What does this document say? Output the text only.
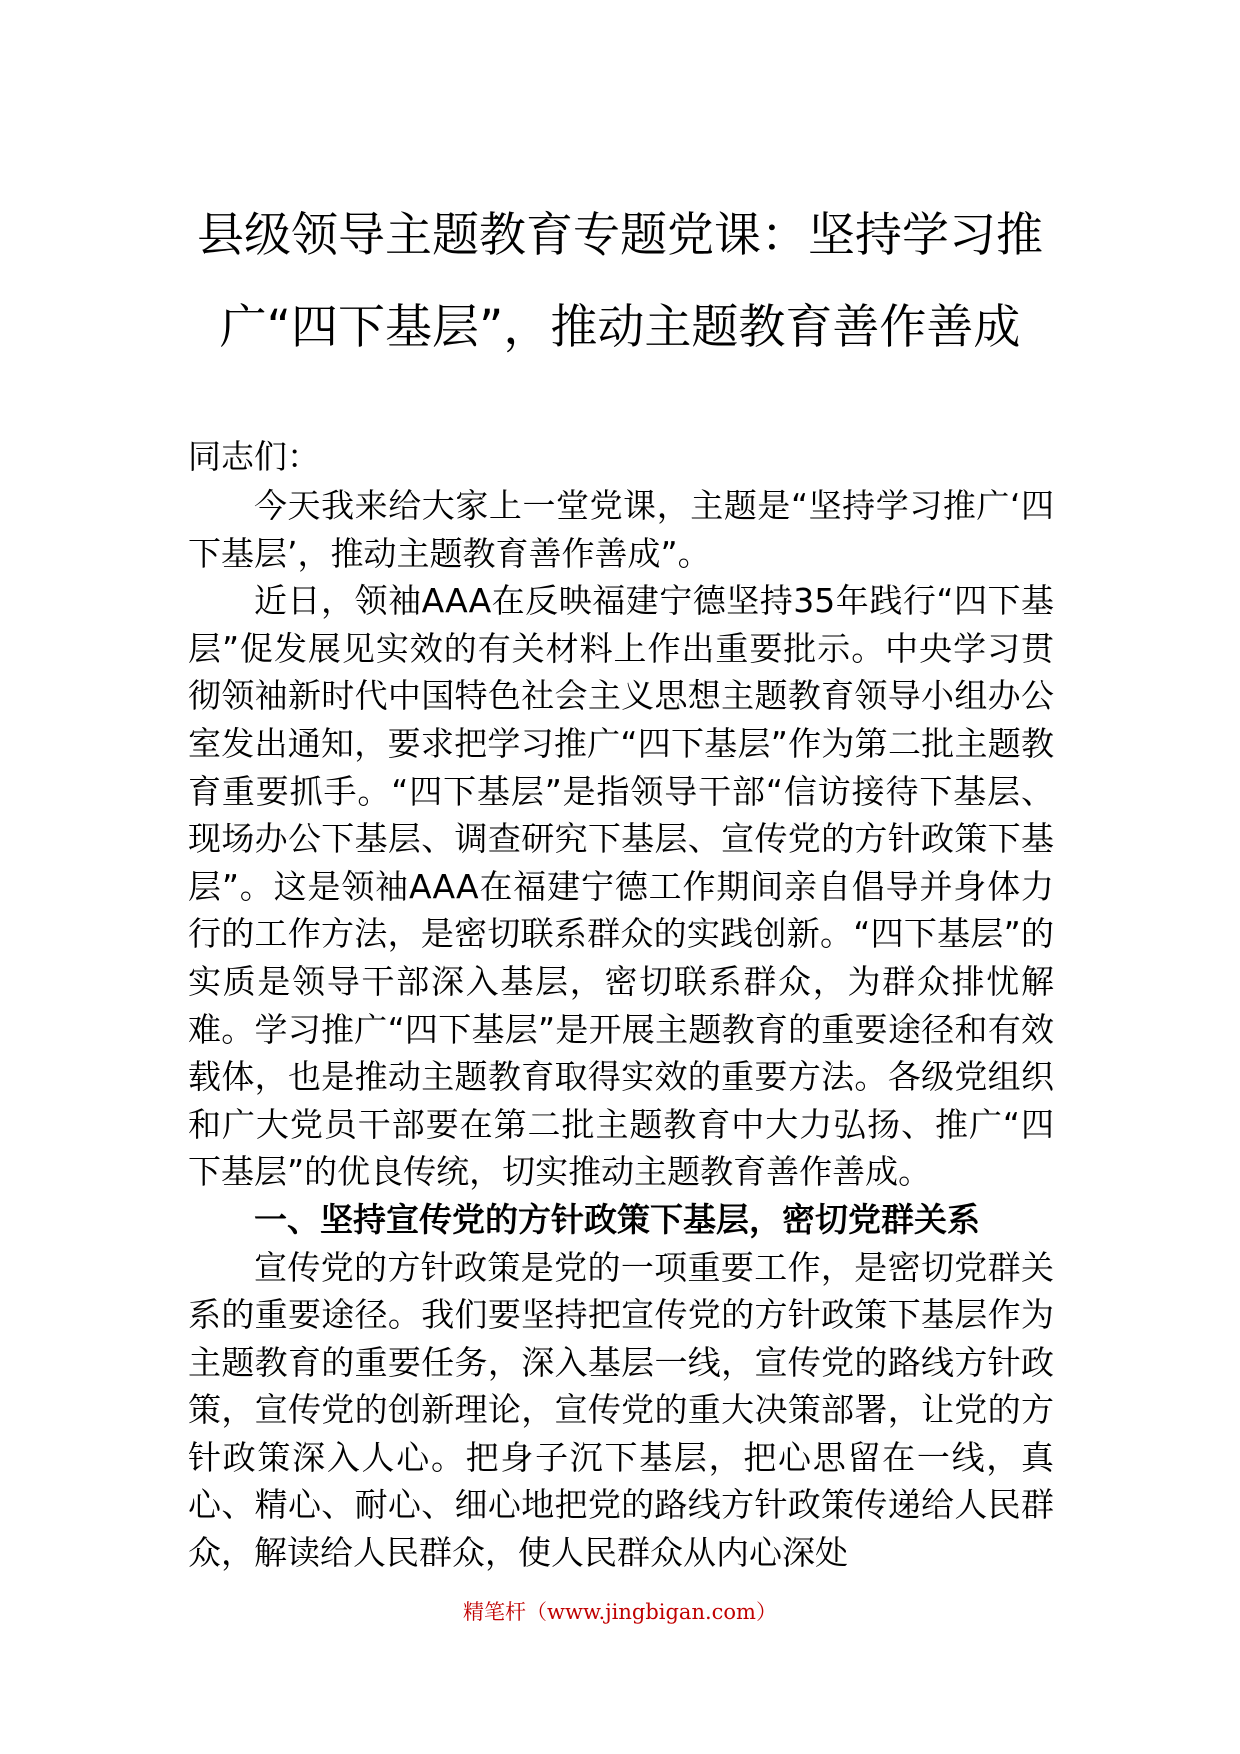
县级领导主题教育专题党课：坚持学习推
广“四下基层”，推动主题教育善作善成
同志们：

今天我来给大家上一堂党课，主题是“坚持学习推广‘四下基层’，推动主题教育善作善成”。

近日，领袖AAA在反映福建宁德坚持35年践行“四下基层”促发展见实效的有关材料上作出重要批示。中央学习贯彻领袖新时代中国特色社会主义思想主题教育领导小组办公室发出通知，要求把学习推广“四下基层”作为第二批主题教育重要抓手。“四下基层”是指领导干部“信访接待下基层、现场办公下基层、调查研究下基层、宣传党的方针政策下基层”。这是领袖AAA在福建宁德工作期间亲自倡导并身体力行的工作方法，是密切联系群众的实践创新。“四下基层”的实质是领导干部深入基层，密切联系群众，为群众排忧解难。学习推广“四下基层”是开展主题教育的重要途径和有效载体，也是推动主题教育取得实效的重要方法。各级党组织和广大党员干部要在第二批主题教育中大力弘扬、推广“四下基层”的优良传统，切实推动主题教育善作善成。

一、坚持宣传党的方针政策下基层，密切党群关系

宣传党的方针政策是党的一项重要工作，是密切党群关系的重要途径。我们要坚持把宣传党的方针政策下基层作为主题教育的重要任务，深入基层一线，宣传党的路线方针政策，宣传党的创新理论，宣传党的重大决策部署，让党的方针政策深入人心。把身子沉下基层，把心思留在一线，真心、精心、耐心、细心地把党的路线方针政策传递给人民群众，解读给人民群众，使人民群众从内心深处

精笔杆（www.jingbigan.com）
